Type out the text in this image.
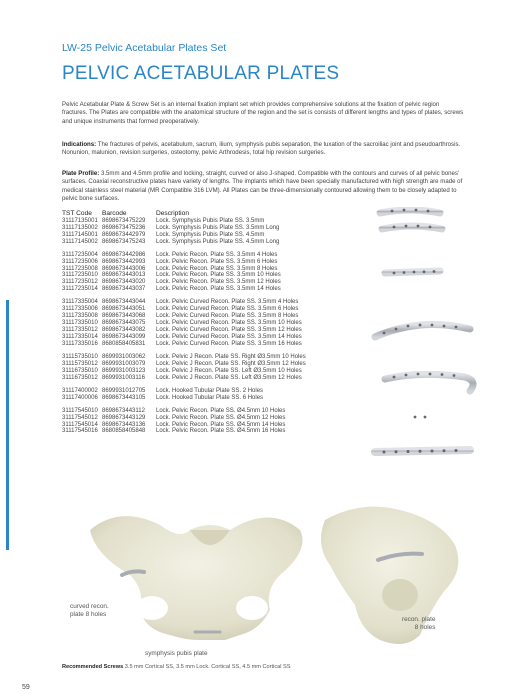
LW-25 Pelvic Acetabular Plates Set
PELVIC ACETABULAR PLATES

Pelvic Acetabular Plate & Screw Set is an internal fixation implant set which provides comprehensive solutions at the fixation of pelvic region fractures. The Plates are compatible with the anatomical structure of the region and the set is consists of different lengths and types of plates, screws and unique instruments that formed preoperatively.

Indications: The fractures of pelvis, acetabulum, sacrum, ilium, symphysis pubis separation, the luxation of the sacroiliac joint and pseudoarthrosis. Nonunion, malunion, revision surgeries, osteotomy, pelvic Arthrodesis, total hip revision surgeries.

Plate Profile: 3.5mm and 4.5mm profile and locking, straight, curved or also J-shaped. Compatible with the contours and curves of all pelvic bones' surfaces. Coaxial reconstructive plates have variety of lengths. The implants which have been specially manufactured with high strength are made of medical stainless steel material (MR Compatible 316 LVM). All Plates can be three-dimensionally contoured allowing them to be closely adapted to pelvic bone surfaces.

TST Code	Barcode	Description
31117135001 8698673475229	Lock. Symphysis Pubis Plate SS. 3.5mm
31117135002 8698673475236	Lock. Symphysis Pubis Plate SS. 3.5mm Long
31117145001 8698673442979	Lock. Symphysis Pubis Plate SS. 4.5mm
31117145002 8698673475243	Lock. Symphysis Pubis Plate SS. 4.5mm Long
31117235004 8698673442986	Lock. Pelvic Recon. Plate SS. 3.5mm 4 Holes
31117235006 8698673442993	Lock. Pelvic Recon. Plate SS. 3.5mm 6 Holes
31117235008 8698673443006	Lock. Pelvic Recon. Plate SS. 3.5mm 8 Holes
31117235010 8698673443013	Lock. Pelvic Recon. Plate SS. 3.5mm 10 Holes
31117235012 8698673443020	Lock. Pelvic Recon. Plate SS. 3.5mm 12 Holes
31117235014 8698673443037	Lock. Pelvic Recon. Plate SS. 3.5mm 14 Holes
31117335004 8698673443044	Lock. Pelvic Curved Recon. Plate SS. 3.5mm 4 Holes
31117335006 8698673443051	Lock. Pelvic Curved Recon. Plate SS. 3.5mm 6 Holes
31117335008 8698673443068	Lock. Pelvic Curved Recon. Plate SS. 3.5mm 8 Holes
31117335010 8698673443075	Lock. Pelvic Curved Recon. Plate SS. 3.5mm 10 Holes
31117335012 8698673443082	Lock. Pelvic Curved Recon. Plate SS. 3.5mm 12 Holes
31117335014 8698673443099	Lock. Pelvic Curved Recon. Plate SS. 3.5mm 14 Holes
31117335016 8680858405831	Lock. Pelvic Curved Recon. Plate SS. 3.5mm 16 Holes
31115735010 8699931003062	Lock. Pelvic J Recon. Plate SS. Right Ø3.5mm 10 Holes
31115735012 8699931003079	Lock. Pelvic J Recon. Plate SS. Right Ø3.5mm 12 Holes
31116735010 8699931003123	Lock. Pelvic J Recon. Plate SS. Left Ø3.5mm 10 Holes
31116735012 8699931003116	Lock. Pelvic J Recon. Plate SS. Left Ø3.5mm 12 Holes
31117400002 8699931012705	Lock. Hooked Tubular Plate SS. 2 Holes
31117400006 8698673443105	Lock. Hooked Tubular Plate SS. 6 Holes
31117545010 8698673443112	Lock. Pelvic Recon. Plate SS. Ø4.5mm 10 Holes
31117545012 8698673443129	Lock. Pelvic Recon. Plate SS. Ø4.5mm 12 Holes
31117545014 8698673443136	Lock. Pelvic Recon. Plate SS. Ø4.5mm 14 Holes
31117545016 8680858405848	Lock. Pelvic Recon. Plate SS. Ø4.5mm 16 Holes
curved recon.
plate 8 holes
symphysis pubis plate
recon. plate
8 holes
Recommended Screws 3.5 mm Cortical SS, 3.5 mm Lock. Cortical SS, 4.5 mm Cortical SS
59
